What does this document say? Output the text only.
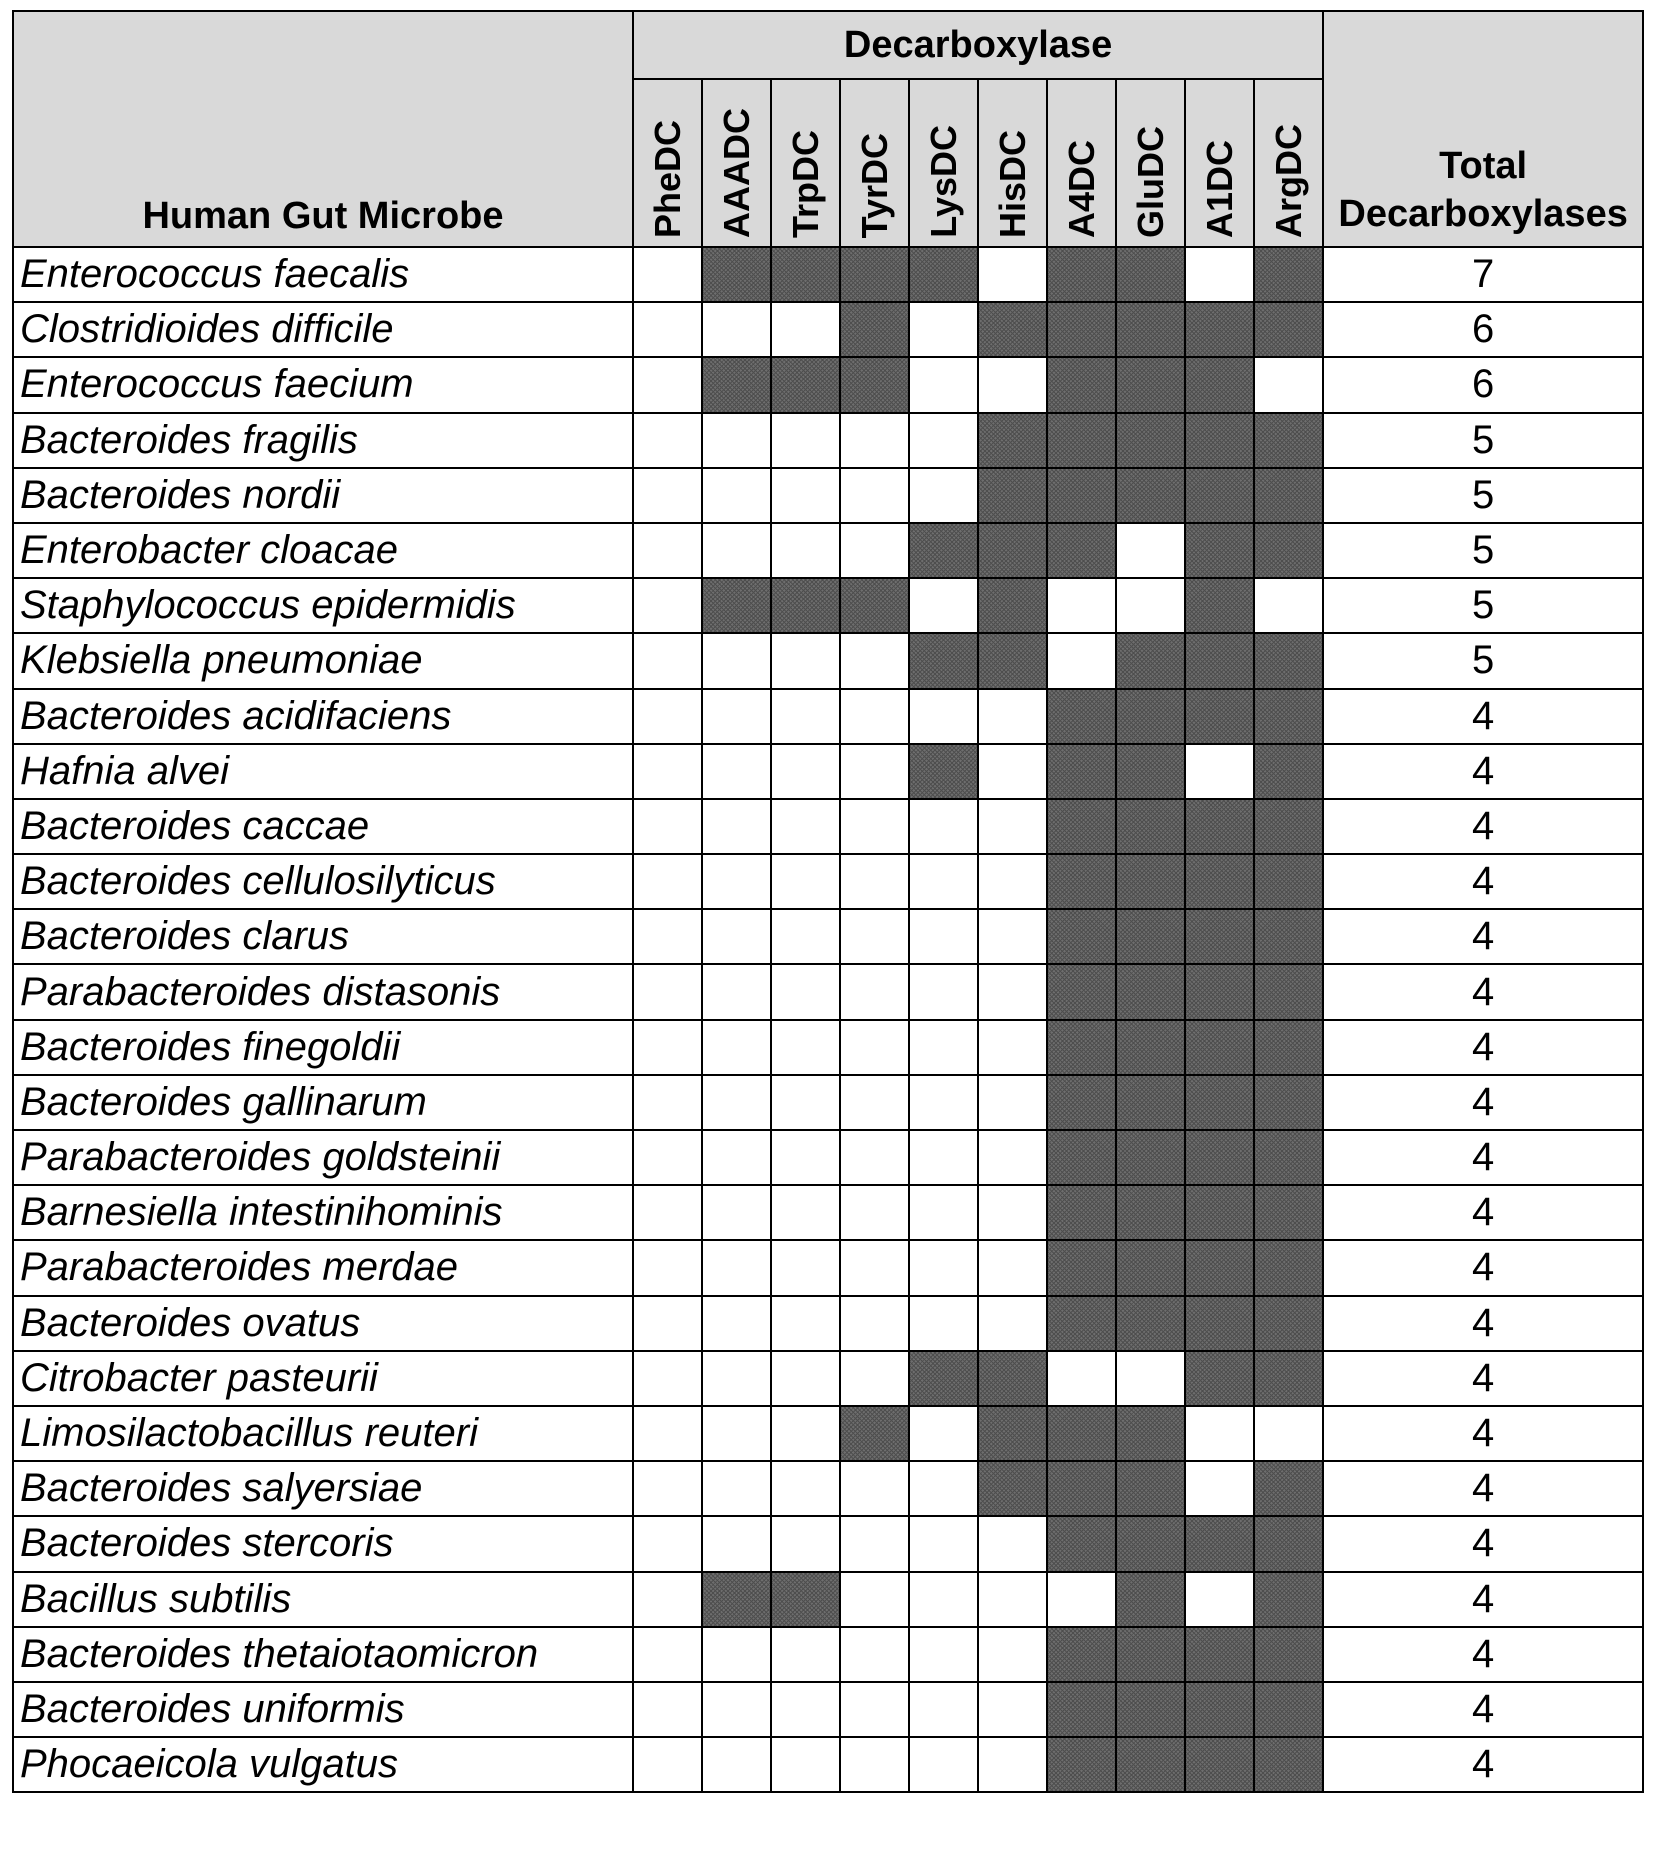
Human Gut Microbe	Decarboxylase										Total
Decarboxylases

	PheDC	AAADC	TrpDC	TyrDC	LysDC	HisDC	A4DC	GluDC	A1DC	ArgDC	

Enterococcus faecalis											7
Clostridioides difficile											6
Enterococcus faecium											6
Bacteroides fragilis											5
Bacteroides nordii											5
Enterobacter cloacae											5
Staphylococcus epidermidis											5
Klebsiella pneumoniae											5
Bacteroides acidifaciens											4
Hafnia alvei											4
Bacteroides caccae											4
Bacteroides cellulosilyticus											4
Bacteroides clarus											4
Parabacteroides distasonis											4
Bacteroides finegoldii											4
Bacteroides gallinarum											4
Parabacteroides goldsteinii											4
Barnesiella intestinihominis											4
Parabacteroides merdae											4
Bacteroides ovatus											4
Citrobacter pasteurii											4
Limosilactobacillus reuteri											4
Bacteroides salyersiae											4
Bacteroides stercoris											4
Bacillus subtilis											4
Bacteroides thetaiotaomicron											4
Bacteroides uniformis											4
Phocaeicola vulgatus											4
